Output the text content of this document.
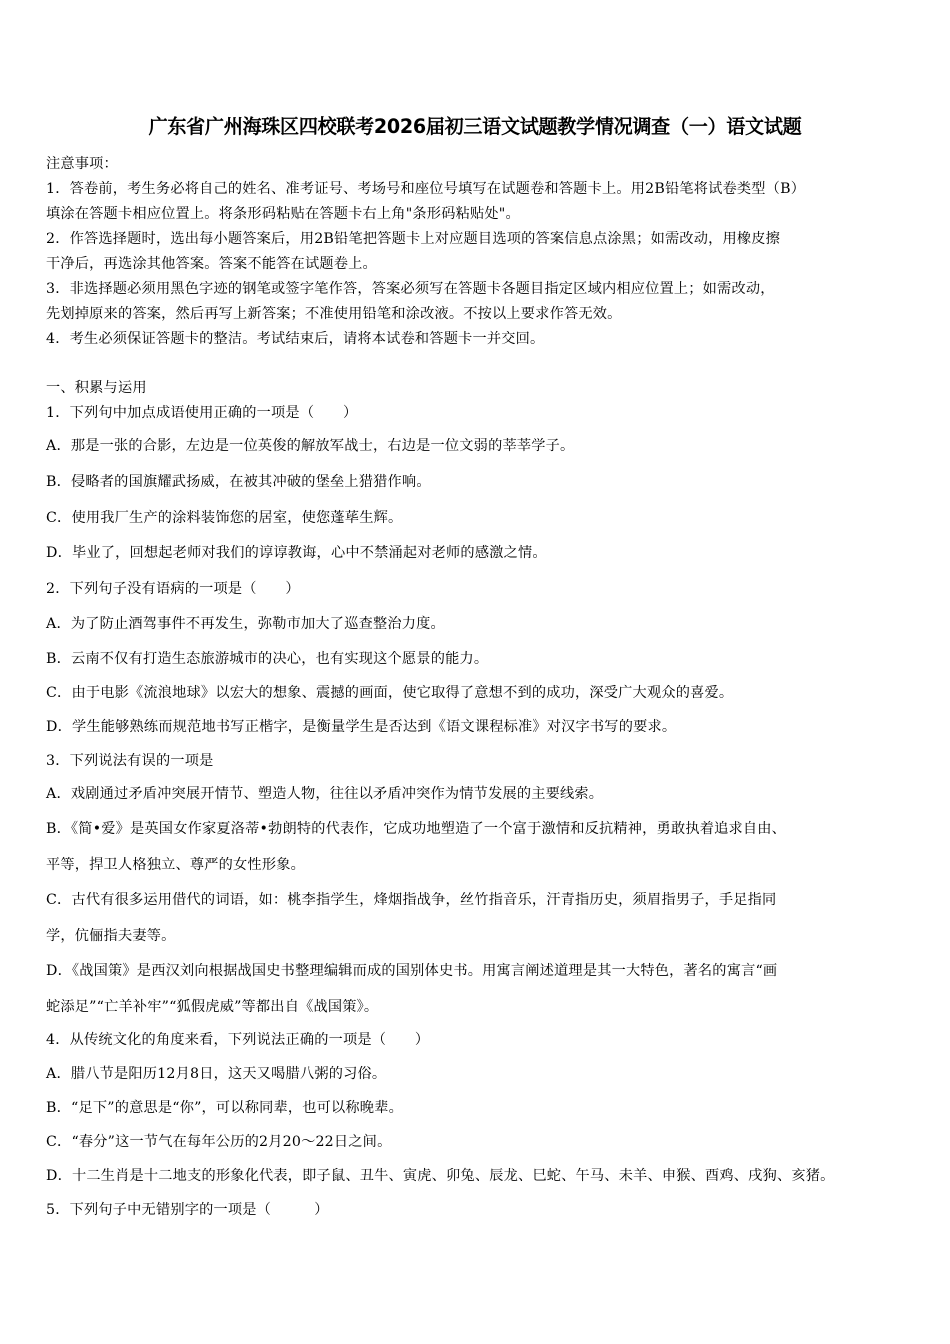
广东省广州海珠区四校联考2026届初三语文试题教学情况调查（一）语文试题
注意事项：
1．答卷前，考生务必将自己的姓名、准考证号、考场号和座位号填写在试题卷和答题卡上。用2B铅笔将试卷类型（B）
填涂在答题卡相应位置上。将条形码粘贴在答题卡右上角"条形码粘贴处"。
2．作答选择题时，选出每小题答案后，用2B铅笔把答题卡上对应题目选项的答案信息点涂黑；如需改动，用橡皮擦
干净后，再选涂其他答案。答案不能答在试题卷上。
3．非选择题必须用黑色字迹的钢笔或签字笔作答，答案必须写在答题卡各题目指定区域内相应位置上；如需改动，
先划掉原来的答案，然后再写上新答案；不准使用铅笔和涂改液。不按以上要求作答无效。
4．考生必须保证答题卡的整洁。考试结束后，请将本试卷和答题卡一并交回。
一、积累与运用
1．下列句中加点成语使用正确的一项是（　　）
A．那是一张的合影，左边是一位英俊的解放军战士，右边是一位文弱的莘莘学子。
B．侵略者的国旗耀武扬威，在被其冲破的堡垒上猎猎作响。
C．使用我厂生产的涂料装饰您的居室，使您蓬荜生辉。
D．毕业了，回想起老师对我们的谆谆教诲，心中不禁涌起对老师的感激之情。
2．下列句子没有语病的一项是（　　）
A．为了防止酒驾事件不再发生，弥勒市加大了巡查整治力度。
B．云南不仅有打造生态旅游城市的决心，也有实现这个愿景的能力。
C．由于电影《流浪地球》以宏大的想象、震撼的画面，使它取得了意想不到的成功，深受广大观众的喜爱。
D．学生能够熟练而规范地书写正楷字，是衡量学生是否达到《语文课程标准》对汉字书写的要求。
3．下列说法有误的一项是
A．戏剧通过矛盾冲突展开情节、塑造人物，往往以矛盾冲突作为情节发展的主要线索。
B．《简•爱》是英国女作家夏洛蒂•勃朗特的代表作，它成功地塑造了一个富于激情和反抗精神，勇敢执着追求自由、
平等，捍卫人格独立、尊严的女性形象。
C．古代有很多运用借代的词语，如：桃李指学生，烽烟指战争，丝竹指音乐，汗青指历史，须眉指男子，手足指同
学，伉俪指夫妻等。
D．《战国策》是西汉刘向根据战国史书整理编辑而成的国别体史书。用寓言阐述道理是其一大特色，著名的寓言“画
蛇添足”“亡羊补牢”“狐假虎威”等都出自《战国策》。
4．从传统文化的角度来看，下列说法正确的一项是（　　）
A．腊八节是阳历12月8日，这天又喝腊八粥的习俗。
B．“足下”的意思是“你”，可以称同辈，也可以称晚辈。
C．“春分”这一节气在每年公历的2月20～22日之间。
D．十二生肖是十二地支的形象化代表，即子鼠、丑牛、寅虎、卯兔、辰龙、巳蛇、午马、未羊、申猴、酉鸡、戌狗、亥猪。
5．下列句子中无错别字的一项是（　　　）
